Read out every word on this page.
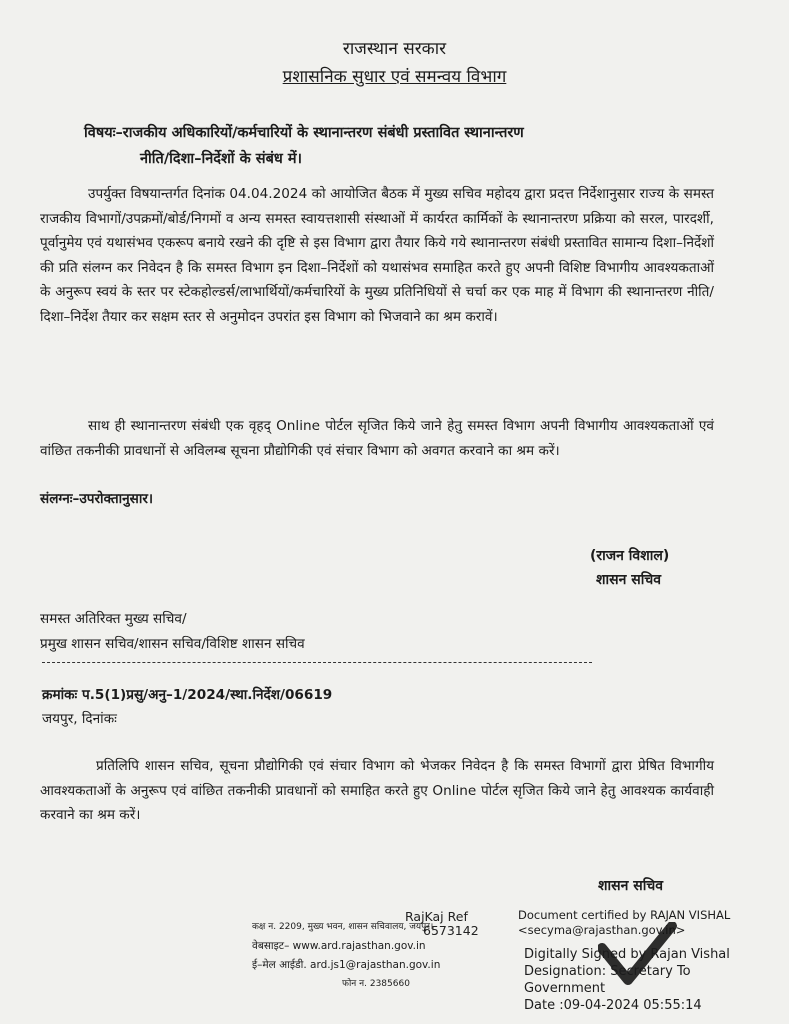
राजस्थान सरकार
प्रशासनिक सुधार एवं समन्वय विभाग
विषयः–राजकीय अधिकारियों/कर्मचारियों के स्थानान्तरण संबंधी प्रस्तावित स्थानान्तरण
नीति/दिशा–निर्देशों के संबंध में।
उपर्युक्त विषयान्तर्गत दिनांक 04.04.2024 को आयोजित बैठक में मुख्य सचिव महोदय द्वारा प्रदत्त निर्देशानुसार राज्य के समस्त राजकीय विभागों/उपक्रमों/बोर्ड/निगमों व अन्य समस्त स्वायत्तशासी संस्थाओं में कार्यरत कार्मिकों के स्थानान्तरण प्रक्रिया को सरल, पारदर्शी, पूर्वानुमेय एवं यथासंभव एकरूप बनाये रखने की दृष्टि से इस विभाग द्वारा तैयार किये गये स्थानान्तरण संबंधी प्रस्तावित सामान्य दिशा–निर्देशों की प्रति संलग्न कर निवेदन है कि समस्त विभाग इन दिशा–निर्देशों को यथासंभव समाहित करते हुए अपनी विशिष्ट विभागीय आवश्यकताओं के अनुरूप स्वयं के स्तर पर स्टेकहोल्डर्स/लाभार्थियों/कर्मचारियों के मुख्य प्रतिनिधियों से चर्चा कर एक माह में विभाग की स्थानान्तरण नीति/दिशा–निर्देश तैयार कर सक्षम स्तर से अनुमोदन उपरांत इस विभाग को भिजवाने का श्रम करावें।
साथ ही स्थानान्तरण संबंधी एक वृहद् Online पोर्टल सृजित किये जाने हेतु समस्त विभाग अपनी विभागीय आवश्यकताओं एवं वांछित तकनीकी प्रावधानों से अविलम्ब सूचना प्रौद्योगिकी एवं संचार विभाग को अवगत करवाने का श्रम करें।
संलग्नः–उपरोक्तानुसार।
(राजन विशाल)
शासन सचिव
समस्त अतिरिक्त मुख्य सचिव/
प्रमुख शासन सचिव/शासन सचिव/विशिष्ट शासन सचिव
क्रमांकः प.5(1)प्रसु/अनु–1/2024/स्था.निर्देश/06619
जयपुर, दिनांकः
प्रतिलिपि शासन सचिव, सूचना प्रौद्योगिकी एवं संचार विभाग को भेजकर निवेदन है कि समस्त विभागों द्वारा प्रेषित विभागीय आवश्यकताओं के अनुरूप एवं वांछित तकनीकी प्रावधानों को समाहित करते हुए Online पोर्टल सृजित किये जाने हेतु आवश्यक कार्यवाही करवाने का श्रम करें।
शासन सचिव
कक्ष न. 2209, मुख्य भवन, शासन सचिवालय, जयपुर।
वेबसाइट– www.ard.rajasthan.gov.in
ई–मेल आईडी. ard.js1@rajasthan.gov.in
फोन न. 2385660
RajKaj Ref
6573142
Document certified by RAJAN VISHAL
<secyma@rajasthan.gov.in>
Digitally Signed by Rajan Vishal
Designation: Secretary To
Government
Date :09-04-2024 05:55:14
